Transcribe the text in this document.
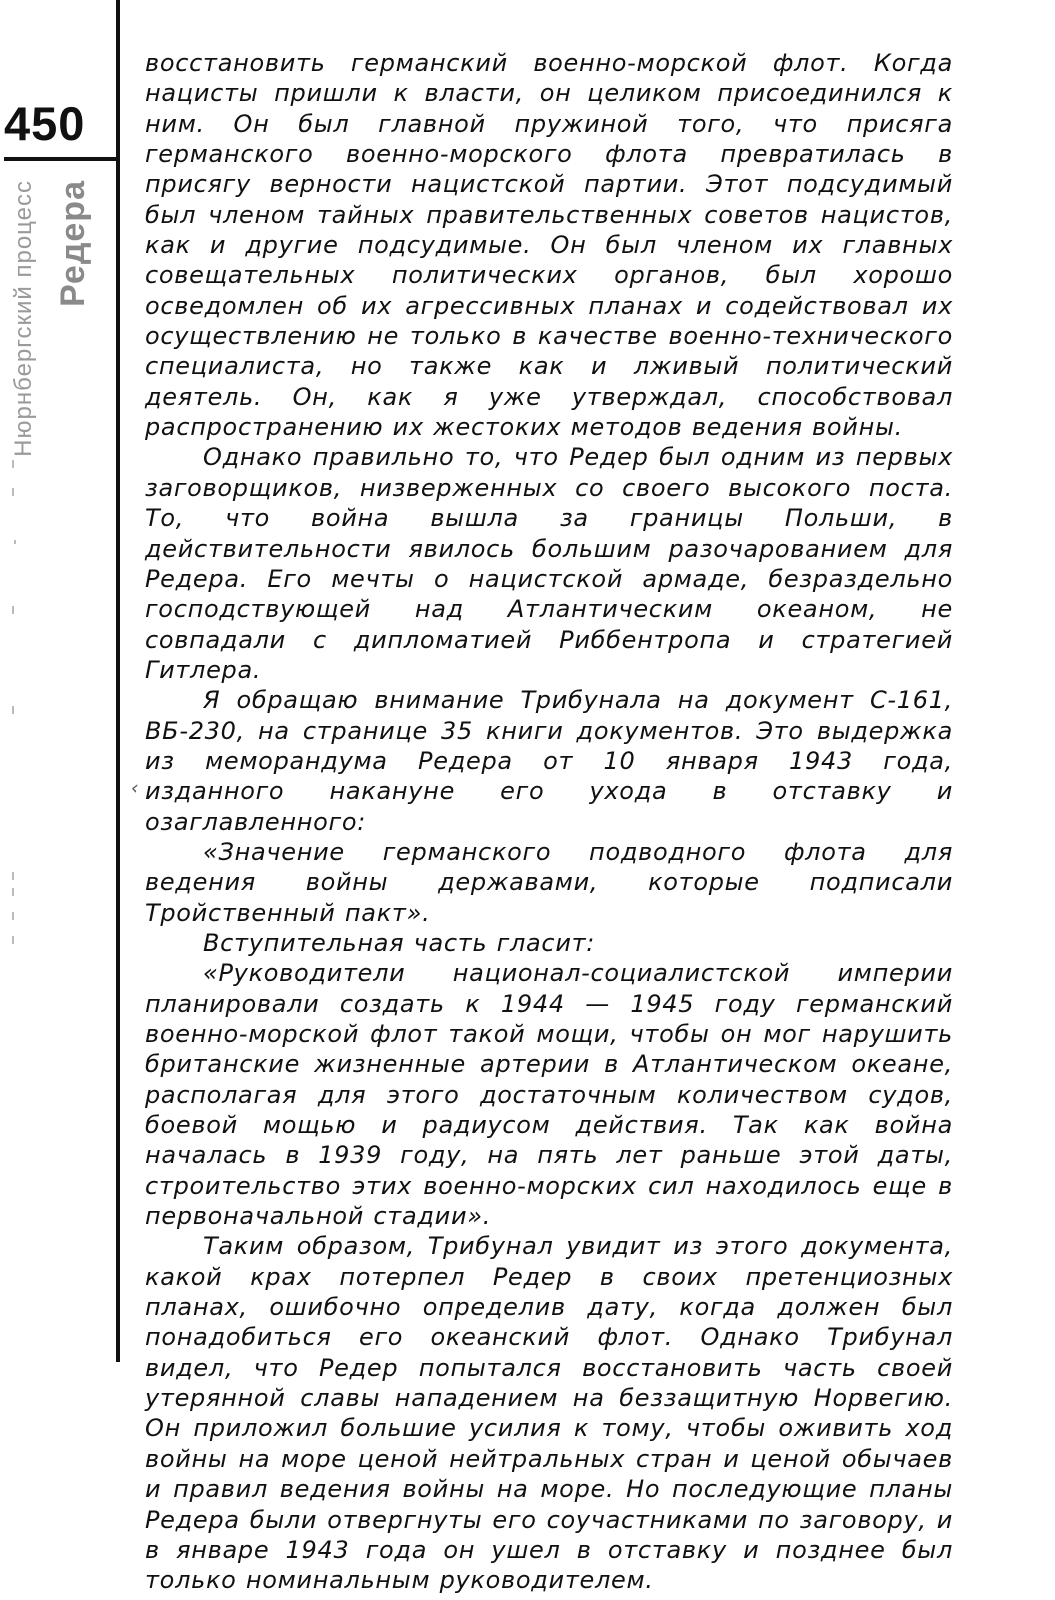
450
Нюрнбергский процесс Редера
‹

восстановить германский военно-морской флот. Когда нацисты пришли к власти, он целиком присоединился к ним. Он был главной пружиной того, что присяга германского военно-морского флота превратилась в присягу верности нацистской партии. Этот подсудимый был членом тайных правительственных советов нацистов, как и другие подсудимые. Он был членом их главных совещательных политических органов, был хорошо осведомлен об их агрессивных планах и содействовал их осуществлению не только в качестве военно-технического специалиста, но также как и лживый политический деятель. Он, как я уже утверждал, способствовал распространению их жестоких методов ведения войны.

Однако правильно то, что Редер был одним из первых заговорщиков, низверженных со своего высокого поста. То, что война вышла за границы Польши, в действительности явилось большим разочарованием для Редера. Его мечты о нацистской армаде, безраздельно господствующей над Атлантическим океаном, не совпадали с дипломатией Риббентропа и стратегией Гитлера.

Я обращаю внимание Трибунала на документ С-161, ВБ-230, на странице 35 книги документов. Это выдержка из меморандума Редера от 10 января 1943 года, изданного накануне его ухода в отставку и озаглавленного:

«Значение германского подводного флота для ведения войны державами, которые подписали Тройственный пакт».

Вступительная часть гласит:

«Руководители национал-социалистской империи планировали создать к 1944 — 1945 году германский военно-морской флот такой мощи, чтобы он мог нарушить британские жизненные артерии в Атлантическом океане, располагая для этого достаточным количеством судов, боевой мощью и радиусом действия. Так как война началась в 1939 году, на пять лет раньше этой даты, строительство этих военно-морских сил находилось еще в первоначальной стадии».

Таким образом, Трибунал увидит из этого документа, какой крах потерпел Редер в своих претенциозных планах, ошибочно определив дату, когда должен был понадобиться его океанский флот. Однако Трибунал видел, что Редер попытался восстановить часть своей утерянной славы нападением на беззащитную Норвегию. Он приложил большие усилия к тому, чтобы оживить ход войны на море ценой нейтральных стран и ценой обычаев и правил ведения войны на море. Но последующие планы Редера были отвергнуты его соучастниками по заговору, и в январе 1943 года он ушел в отставку и позднее был только номинальным руководителем.
